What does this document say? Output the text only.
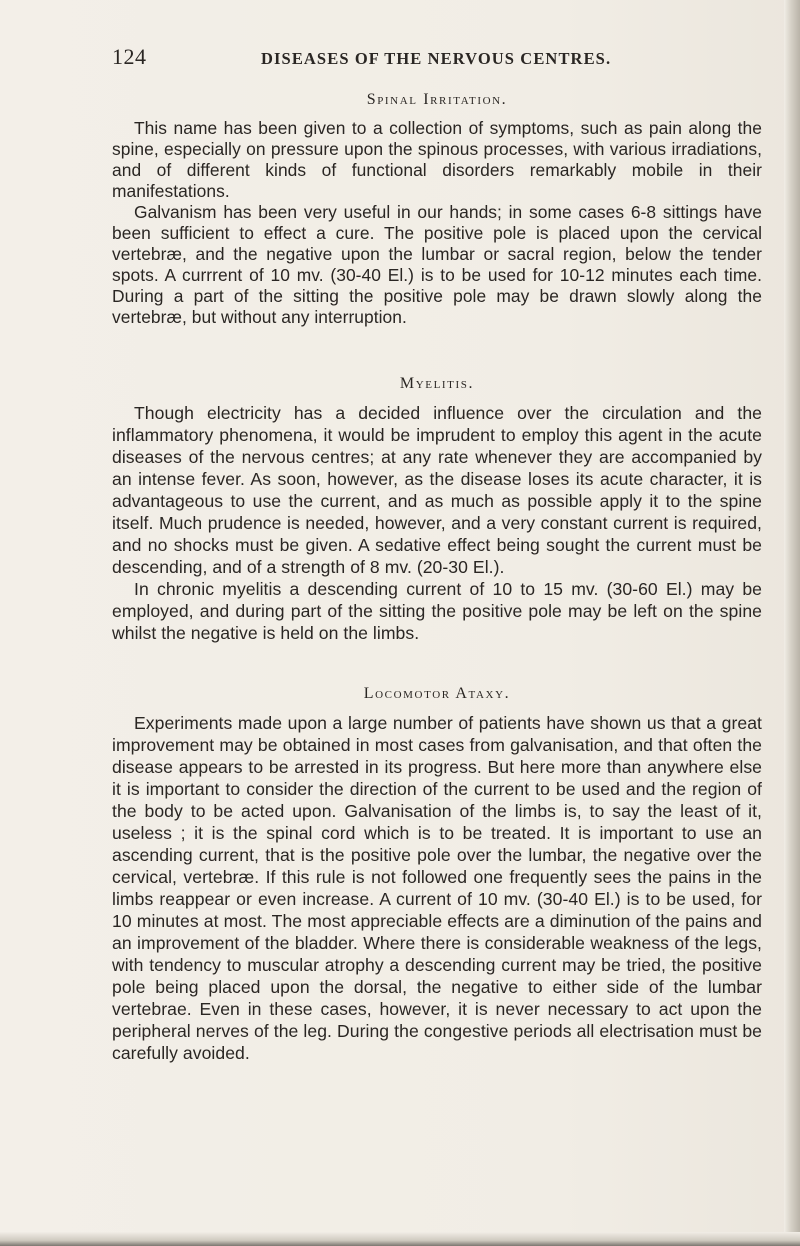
124	DISEASES OF THE NERVOUS CENTRES.
Spinal Irritation.

This name has been given to a collection of symptoms, such as pain along the spine, especially on pressure upon the spinous processes, with various irradiations, and of different kinds of functional disorders remarkably mobile in their manifestations.

Galvanism has been very useful in our hands; in some cases 6-8 sittings have been sufficient to effect a cure. The positive pole is placed upon the cervical vertebræ, and the negative upon the lumbar or sacral region, below the tender spots. A currrent of 10 mv. (30-40 El.) is to be used for 10-12 minutes each time. During a part of the sitting the positive pole may be drawn slowly along the vertebræ, but without any interruption.

Myelitis.

Though electricity has a decided influence over the circulation and the inflammatory phenomena, it would be imprudent to employ this agent in the acute diseases of the nervous centres; at any rate whenever they are accompanied by an intense fever. As soon, however, as the disease loses its acute character, it is advantageous to use the current, and as much as possible apply it to the spine itself. Much prudence is needed, however, and a very constant current is required, and no shocks must be given. A sedative effect being sought the current must be descending, and of a strength of 8 mv. (20-30 El.).

In chronic myelitis a descending current of 10 to 15 mv. (30-60 El.) may be employed, and during part of the sitting the positive pole may be left on the spine whilst the negative is held on the limbs.

Locomotor Ataxy.

Experiments made upon a large number of patients have shown us that a great improvement may be obtained in most cases from galvanisation, and that often the disease appears to be arrested in its progress. But here more than anywhere else it is important to consider the direction of the current to be used and the region of the body to be acted upon. Galvanisation of the limbs is, to say the least of it, useless ; it is the spinal cord which is to be treated. It is important to use an ascending current, that is the positive pole over the lumbar, the negative over the cervical, vertebræ. If this rule is not followed one frequently sees the pains in the limbs reappear or even increase. A current of 10 mv. (30-40 El.) is to be used, for 10 minutes at most. The most appreciable effects are a diminution of the pains and an improvement of the bladder. Where there is considerable weakness of the legs, with tendency to muscular atrophy a descending current may be tried, the positive pole being placed upon the dorsal, the negative to either side of the lumbar vertebrae. Even in these cases, however, it is never necessary to act upon the peripheral nerves of the leg. During the congestive periods all electrisation must be carefully avoided.
